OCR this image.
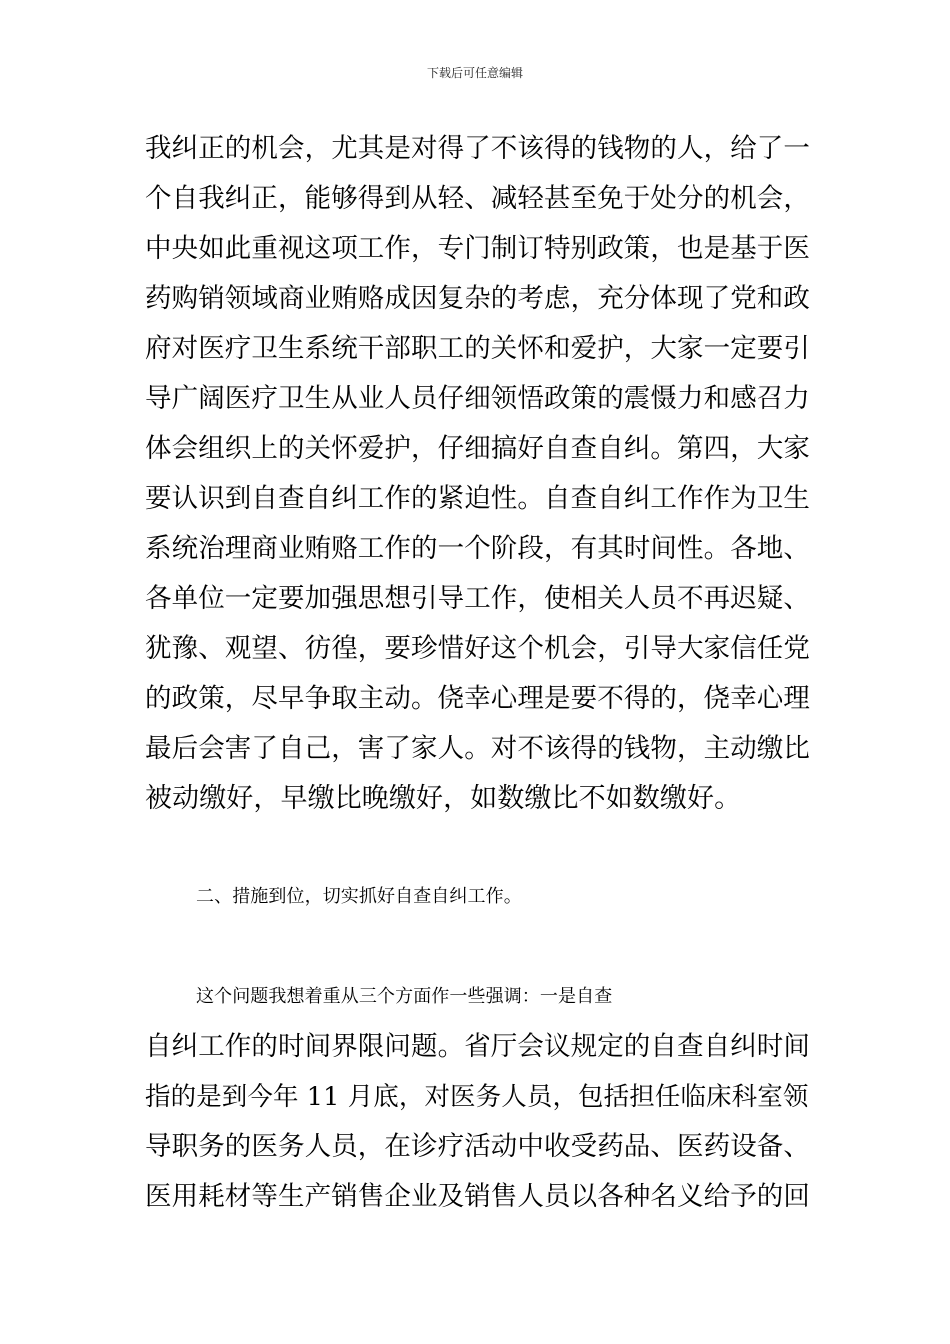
下载后可任意编辑
我纠正的机会，尤其是对得了不该得的钱物的人，给了一
个自我纠正，能够得到从轻、减轻甚至免于处分的机会，
中央如此重视这项工作，专门制订特别政策，也是基于医
药购销领域商业贿赂成因复杂的考虑，充分体现了党和政
府对医疗卫生系统干部职工的关怀和爱护，大家一定要引
导广阔医疗卫生从业人员仔细领悟政策的震慑力和感召力
体会组织上的关怀爱护，仔细搞好自查自纠。第四，大家
要认识到自查自纠工作的紧迫性。自查自纠工作作为卫生
系统治理商业贿赂工作的一个阶段，有其时间性。各地、
各单位一定要加强思想引导工作，使相关人员不再迟疑、
犹豫、观望、彷徨，要珍惜好这个机会，引导大家信任党
的政策，尽早争取主动。侥幸心理是要不得的，侥幸心理
最后会害了自己，害了家人。对不该得的钱物，主动缴比
被动缴好，早缴比晚缴好，如数缴比不如数缴好。
二、措施到位，切实抓好自查自纠工作。
这个问题我想着重从三个方面作一些强调：一是自查
自纠工作的时间界限问题。省厅会议规定的自查自纠时间
指的是到今年 11 月底，对医务人员，包括担任临床科室领
导职务的医务人员，在诊疗活动中收受药品、医药设备、
医用耗材等生产销售企业及销售人员以各种名义给予的回
